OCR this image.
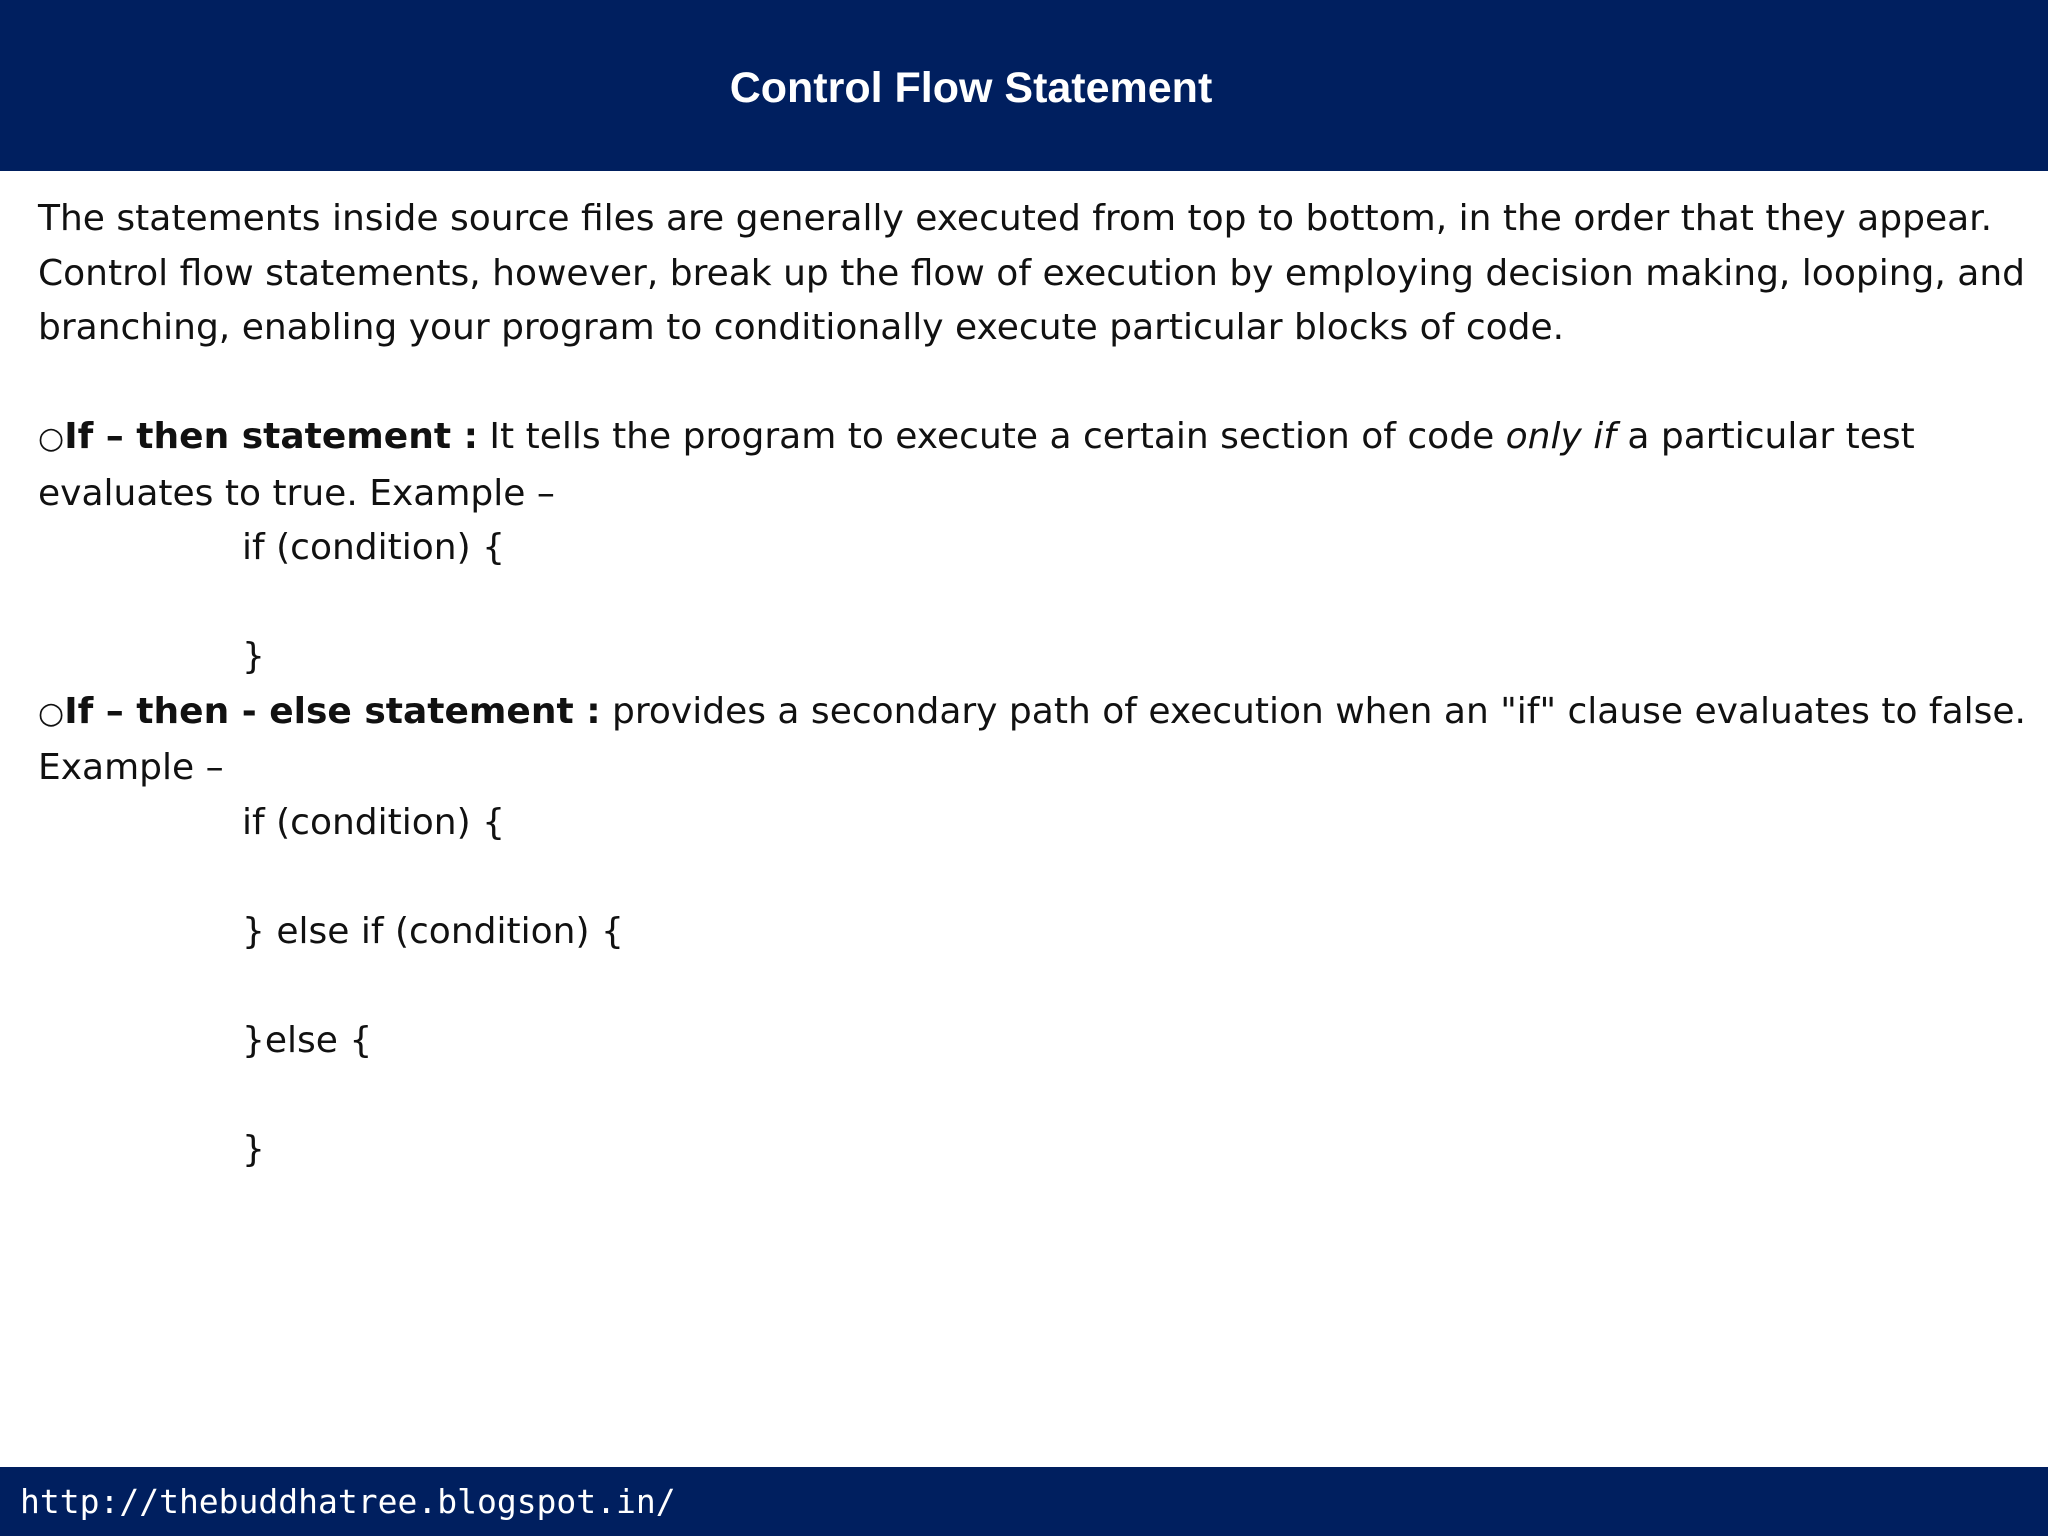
Control Flow Statement

The statements inside source files are generally executed from top to bottom, in the order that they appear. Control flow statements, however, break up the flow of execution by employing decision making, looping, and branching, enabling your program to conditionally execute particular blocks of code.

○If – then statement : It tells the program to execute a certain section of code only if a particular test evaluates to true. Example –

if (condition) {

}

○If – then - else statement : provides a secondary path of execution when an "if" clause evaluates to false. Example –

if (condition) {

} else if (condition) {

}else {

}

http://thebuddhatree.blogspot.in/
